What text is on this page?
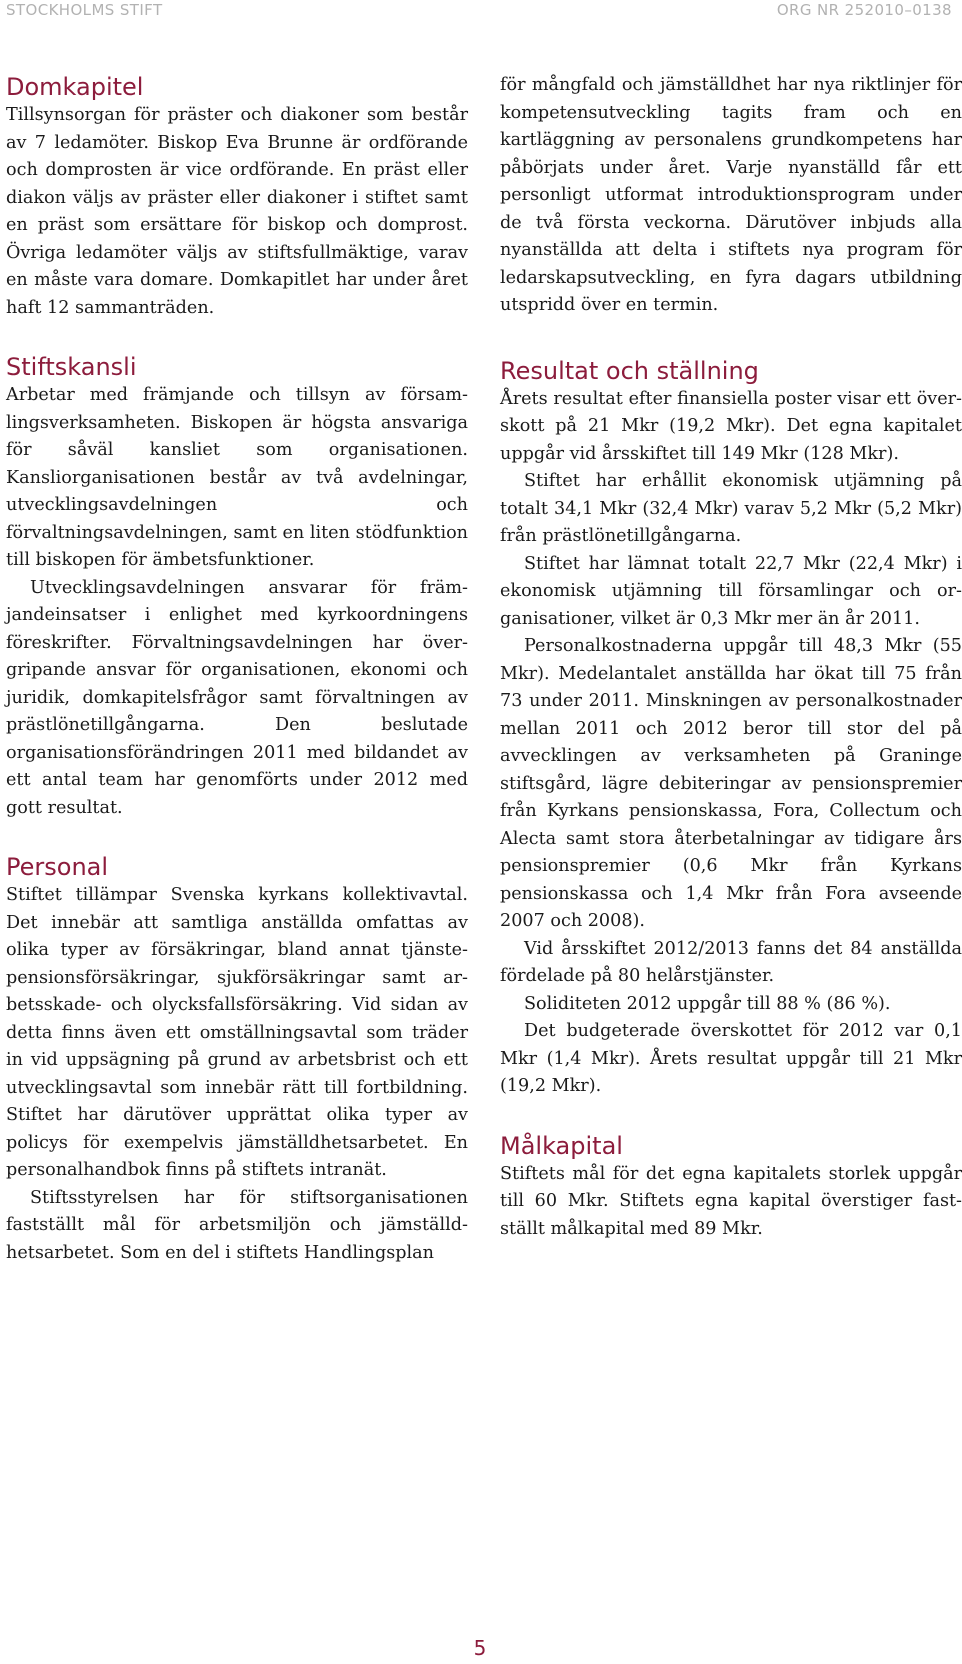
STOCKHOLMS STIFT	ORG NR 252010–0138
Domkapitel

Tillsynsorgan för präster och diakoner som består av 7 ledamöter. Biskop Eva Brunne är ordförande och domprosten är vice ordförande. En präst eller diakon väljs av präster eller diakoner i stiftet samt en präst som ersättare för biskop och domprost. Övriga ledamöter väljs av stiftsfullmäktige, varav en måste vara domare. Domkapitlet har under året haft 12 sammanträden.

Stiftskansli

Arbetar med främjande och tillsyn av församlingsverksamheten. Biskopen är högsta ansvariga för såväl kansliet som organisationen. Kansliorganisationen består av två avdelningar, utvecklingsavdelningen och förvaltningsavdelningen, samt en liten stödfunktion till biskopen för ämbetsfunktioner.

Utvecklingsavdelningen ansvarar för främjandeinsatser i enlighet med kyrkoordningens föreskrifter. Förvaltningsavdelningen har övergripande ansvar för organisationen, ekonomi och juridik, domkapitelsfrågor samt förvaltningen av prästlönetillgångarna. Den beslutade organisationsförändringen 2011 med bildandet av ett antal team har genomförts under 2012 med gott resultat.

Personal

Stiftet tillämpar Svenska kyrkans kollektivavtal. Det innebär att samtliga anställda omfattas av olika typer av försäkringar, bland annat tjänstepensionsförsäkringar, sjukförsäkringar samt arbetsskade- och olycksfallsförsäkring. Vid sidan av detta finns även ett omställningsavtal som träder in vid uppsägning på grund av arbetsbrist och ett utvecklingsavtal som innebär rätt till fortbildning. Stiftet har därutöver upprättat olika typer av policys för exempelvis jämställdhetsarbetet. En personalhandbok finns på stiftets intranät.

Stiftsstyrelsen har för stiftsorganisationen fastställt mål för arbetsmiljön och jämställdhetsarbetet. Som en del i stiftets Handlingsplan

för mångfald och jämställdhet har nya riktlinjer för kompetensutveckling tagits fram och en kartläggning av personalens grundkompetens har påbörjats under året. Varje nyanställd får ett personligt utformat introduktionsprogram under de två första veckorna. Därutöver inbjuds alla nyanställda att delta i stiftets nya program för ledarskapsutveckling, en fyra dagars utbildning utspridd över en termin.

Resultat och ställning

Årets resultat efter finansiella poster visar ett överskott på 21 Mkr (19,2 Mkr). Det egna kapitalet uppgår vid årsskiftet till 149 Mkr (128 Mkr).

Stiftet har erhållit ekonomisk utjämning på totalt 34,1 Mkr (32,4 Mkr) varav 5,2 Mkr (5,2 Mkr) från prästlönetillgångarna.

Stiftet har lämnat totalt 22,7 Mkr (22,4 Mkr) i ekonomisk utjämning till församlingar och organisationer, vilket är 0,3 Mkr mer än år 2011.

Personalkostnaderna uppgår till 48,3 Mkr (55 Mkr). Medelantalet anställda har ökat till 75 från 73 under 2011. Minskningen av personalkostnader mellan 2011 och 2012 beror till stor del på avvecklingen av verksamheten på Graninge stiftsgård, lägre debiteringar av pensionspremier från Kyrkans pensionskassa, Fora, Collectum och Alecta samt stora återbetalningar av tidigare års pensionspremier (0,6 Mkr från Kyrkans pensionskassa och 1,4 Mkr från Fora avseende 2007 och 2008).

Vid årsskiftet 2012/2013 fanns det 84 anställda fördelade på 80 helårstjänster.

Soliditeten 2012 uppgår till 88 % (86 %).

Det budgeterade överskottet för 2012 var 0,1 Mkr (1,4 Mkr). Årets resultat uppgår till 21 Mkr (19,2 Mkr).

Målkapital

Stiftets mål för det egna kapitalets storlek uppgår till 60 Mkr. Stiftets egna kapital överstiger fastställt målkapital med 89 Mkr.

5
